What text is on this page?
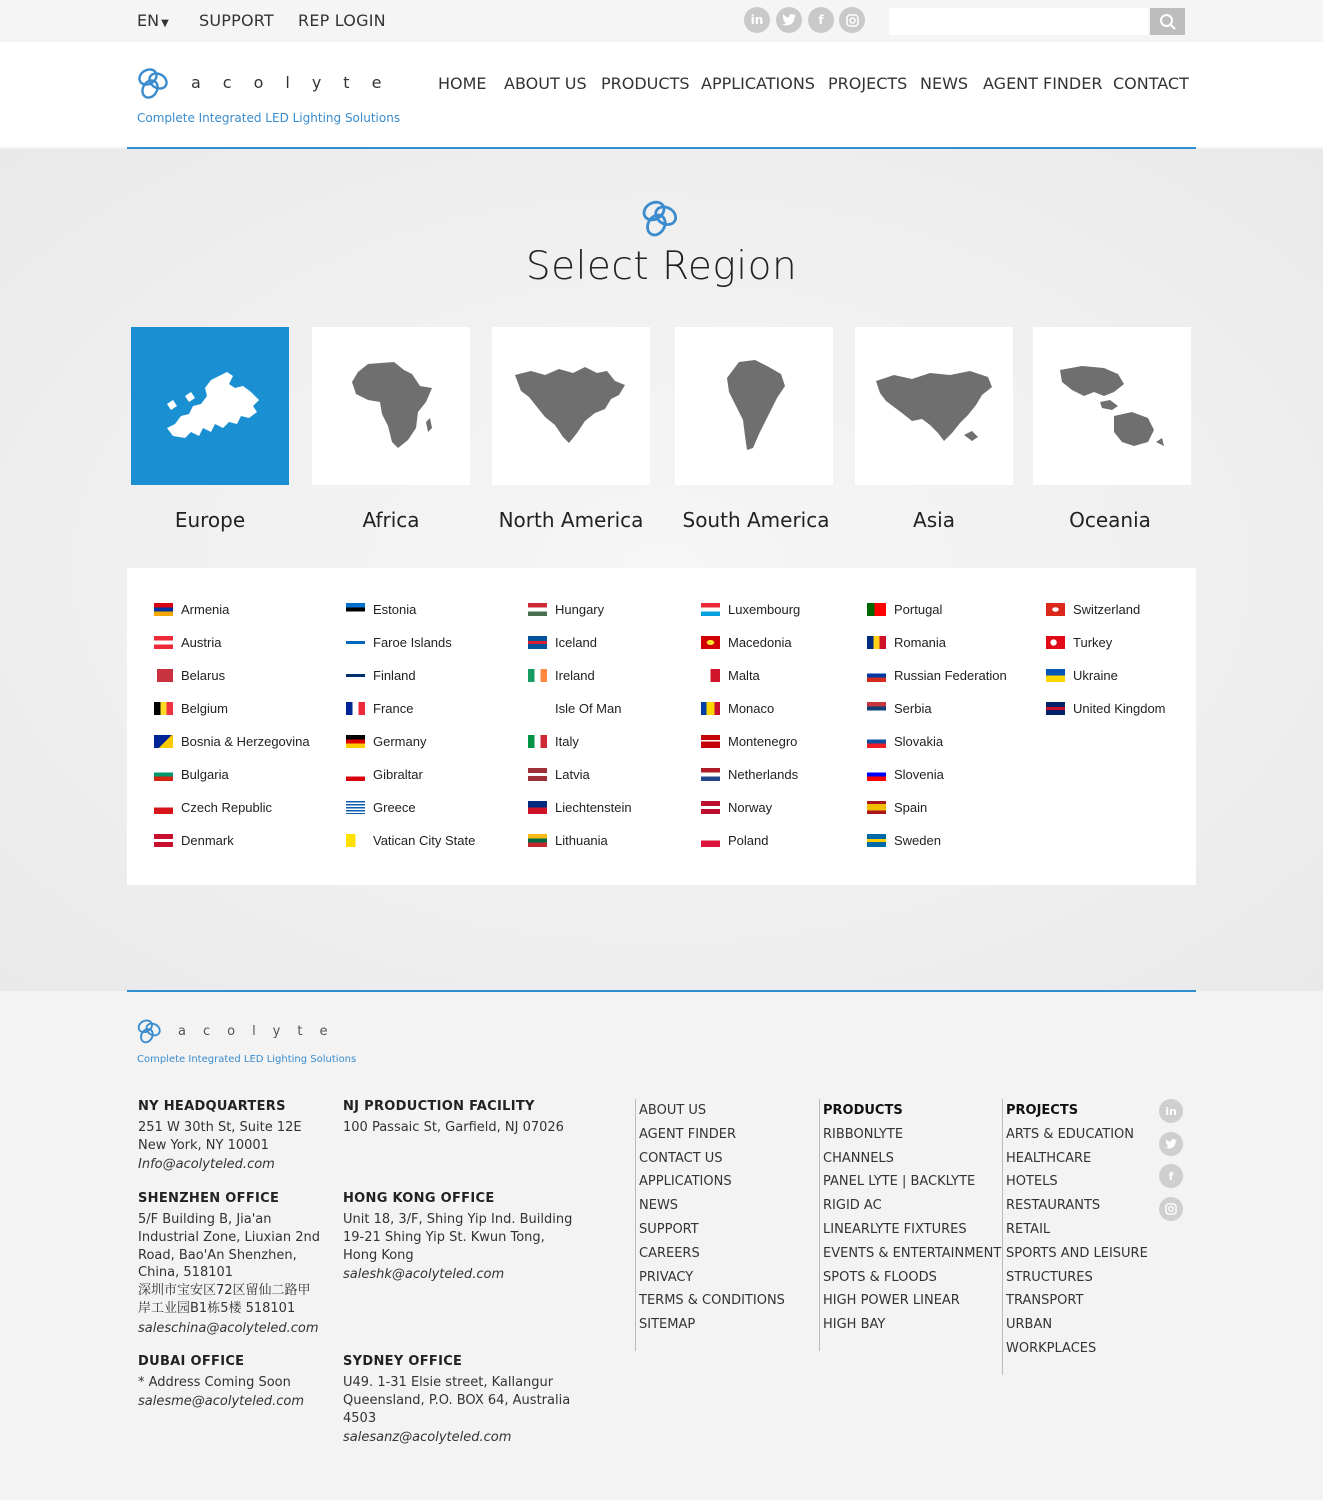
EN ▼ SUPPORT REP LOGIN	in	f
acolyte
Complete Integrated LED Lighting Solutions
HOME ABOUT US PRODUCTS APPLICATIONS PROJECTS NEWS AGENT FINDER CONTACT
Select Region
Europe	Africa	North America	South America	Asia	Oceania
Armenia
Austria
Belarus
Belgium
Bosnia & Herzegovina
Bulgaria
Czech Republic
Denmark
Estonia
Faroe Islands
Finland
France
Germany
Gibraltar
Greece
Vatican City State
Hungary
Iceland
Ireland
Isle Of Man
Italy
Latvia
Liechtenstein
Lithuania
Luxembourg
Macedonia
Malta
Monaco
Montenegro
Netherlands
Norway
Poland
Portugal
Romania
Russian Federation
Serbia
Slovakia
Slovenia
Spain
Sweden
Switzerland
Turkey
Ukraine
United Kingdom
acolyte
Complete Integrated LED Lighting Solutions
NY HEADQUARTERS
251 W 30th St, Suite 12E
New York, NY 10001
Info@acolyteled.com
NJ PRODUCTION FACILITY
100 Passaic St, Garfield, NJ 07026
SHENZHEN OFFICE
5/F Building B, Jia'an
Industrial Zone, Liuxian 2nd
Road, Bao'An Shenzhen,
China, 518101
深圳市宝安区72区留仙二路甲
岸工业园B1栋5楼 518101
saleschina@acolyteled.com
HONG KONG OFFICE
Unit 18, 3/F, Shing Yip Ind. Building
19-21 Shing Yip St. Kwun Tong,
Hong Kong
saleshk@acolyteled.com
DUBAI OFFICE
* Address Coming Soon
salesme@acolyteled.com
SYDNEY OFFICE
U49. 1-31 Elsie street, Kallangur
Queensland, P.O. BOX 64, Australia
4503
salesanz@acolyteled.com
ABOUT US
AGENT FINDER
CONTACT US
APPLICATIONS
NEWS
SUPPORT
CAREERS
PRIVACY
TERMS & CONDITIONS
SITEMAP
PRODUCTS
RIBBONLYTE
CHANNELS
PANEL LYTE | BACKLYTE
RIGID AC
LINEARLYTE FIXTURES
EVENTS & ENTERTAINMENT
SPOTS & FLOODS
HIGH POWER LINEAR
HIGH BAY
PROJECTS
ARTS & EDUCATION
HEALTHCARE
HOTELS
RESTAURANTS
RETAIL
SPORTS AND LEISURE
STRUCTURES
TRANSPORT
URBAN
WORKPLACES
in
f
